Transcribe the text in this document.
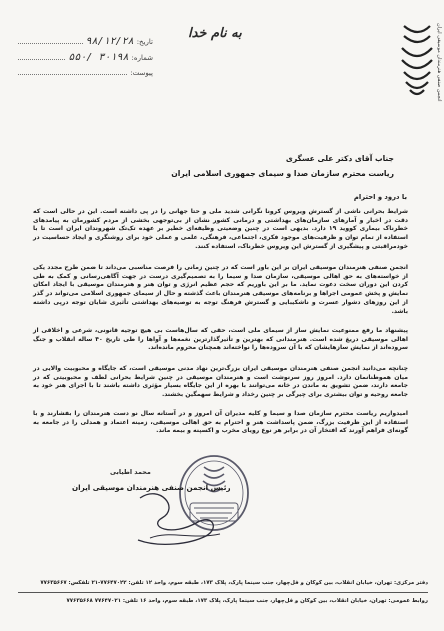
انجمن صنفی هنرمندان موسیقی ایران
به نام خدا
تاریخ:
۹۸/۱۲/۲۸
شماره:
۵۵۰/ ۳۰۱۹۸
پیوست:
جناب آقای دکتر علی عسگری
ریاست محترم سازمان صدا و سیمای جمهوری اسلامی ایران
با درود و احترام

شرایط بحرانی ناشی از گسترش ویروس کرونا نگرانی شدید ملی و حتا جهانی را در پی داشته است. این در حالی است که دقت در اخبار و آمارهای سازمان‌های بهداشتی و درمانی کشور نشان از بی‌توجهی بخشی از مردم کشورمان به پیامدهای خطرناک بیماری کووید ۱۹ دارد. بدیهی است در چنین وضعیتی وظیفه‌ای خطیر بر عهده تک‌تک شهروندان ایران است تا با استفاده از تمام توان و ظرفیت‌های موجود فکری، اجتماعی، فرهنگی، علمی و عملی خود برای روشنگری و ایجاد حساسیت در خودمراقبتی و پیشگیری از گسترش این ویروس خطرناک، استفاده کنند.

انجمن صنفی هنرمندان موسیقی ایران بر این باور است که در چنین زمانی را فرصت مناسبی می‌داند تا ضمن طرح مجدد یکی از خواسته‌های به حق اهالی موسیقی، سازمان صدا و سیما را به تصمیم‌گیری درست در جهت آگاهی‌رسانی و کمک به طی کردن این دوران سخت دعوت نماید. ما بر این باوریم که حجم عظیم انرژی و توان هنر و هنرمندان موسیقی با ایجاد امکان نمایش و پخش عمومی اجراها و برنامه‌های موسیقی هنرمندان باعث گذشته و حال از سیمای جمهوری اسلامی می‌تواند در گذر از این روزهای دشوار عسرت و ناشکیبایی و گسترش فرهنگ توجه به توصیه‌های بهداشتی تأثیری شایان توجه درپی داشته باشد.

پیشنهاد ما رفع ممنوعیت نمایش ساز از سیمای ملی است، حقی که سال‌هاست بی هیچ توجیه قانونی، شرعی و اخلاقی از اهالی موسیقی دریغ شده است. هنرمندانی که بهترین و تأثیرگذارترین نغمه‌ها و آواها را طی تاریخ ۴۰ ساله انقلاب و جنگ سروده‌اند از نمایش سازهایشان که با آن سروده‌ها را نواخته‌اند همچنان محروم مانده‌اند.

چنانچه می‌دانید انجمن صنفی هنرمندان موسیقی ایران بزرگ‌ترین نهاد مدنی موسیقی است، که جایگاه و محبوبیت والایی در میان هموطنانمان دارد. امروز روز سرنوشت است و هنرمندان موسیقی در چنین شرایط بحرانی لطف و محبوبیتی که در جامعه دارند، ضمن تشویق به ماندن در خانه می‌توانند با بهره از این جایگاه بسیار مؤثری داشته باشند تا با اجرای هنر خود به جامعه روحیه و توان بیشتری برای چیرگی بر چنین رخداد و شرایط سهمگین بخشند.

امیدواریم ریاست محترم سازمان صدا و سیما و کلیه مدیران آن امروز و در آستانه سال نو دست هنرمندان را بفشارند و با استفاده از این ظرفیت بزرگ، ضمن پاسداشت هنر و احترام به حق اهالی موسیقی، زمینه اعتماد و همدلی را در جامعه به گونه‌ای فراهم آورند که افتخار آن در برابر هر نوع رویای مخرب و اکسپنه و بیمه ماند.

محمد اطیابی
رئیس انجمن صنفی هنرمندان موسیقی ایران
دفتر مرکزی: تهران، خیابان انقلاب، بین کوکان و فل‌چهار، جنب سینما پارک، پلاک ۱۷۳، طبقه سوم، واحد ۱۲ تلفن: ۷۷۶۴۷۰۲۲-۲۱ تلفکس: ۷۷۶۳۵۶۶۷
روابط عمومی: تهران، خیابان انقلاب، بین کوکان و فل‌چهار، جنب سینما پارک، پلاک ۱۷۳، طبقه سوم، واحد ۱۶ تلفن: ۷۷۶۴۷۰۲۱ ۷۷۶۳۵۶۶۸
